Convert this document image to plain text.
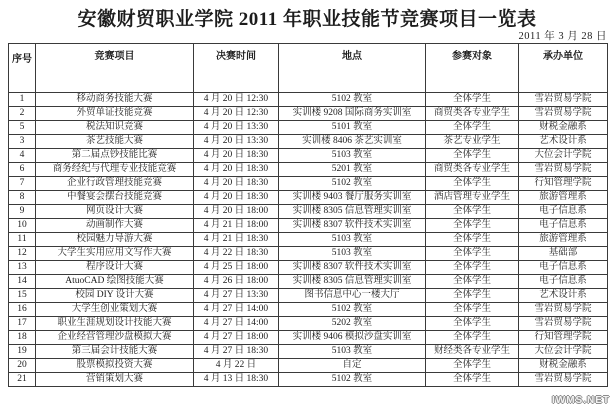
安徽财贸职业学院 2011 年职业技能节竞赛项目一览表
2011 年 3 月 28 日
序号	竞赛项目	决赛时间	地点	参赛对象	承办单位
1	移动商务技能大赛	4 月 20 日 12:30	5102 教室	全体学生	雪岩贸易学院
2	外贸单证技能竞赛	4 月 20 日 12:30	实训楼 9208 国际商务实训室	商贸类各专业学生	雪岩贸易学院
5	税法知识竞赛	4 月 20 日 13:30	5101 教室	全体学生	财税金融系
3	茶艺技能大赛	4 月 20 日 13:30	实训楼 8406 茶艺实训室	茶艺专业学生	艺术设计系
4	第二届点钞技能比赛	4 月 20 日 18:30	5103 教室	全体学生	大位会计学院
6	商务经纪与代理专业技能竞赛	4 月 20 日 18:30	5201 教室	商贸类各专业学生	雪岩贸易学院
7	企业行政管理技能竞赛	4 月 20 日 18:30	5102 教室	全体学生	行知管理学院
8	中餐宴会摆台技能竞赛	4 月 20 日 18:30	实训楼 9403 餐厅服务实训室	酒店管理专业学生	旅游管理系
9	网页设计大赛	4 月 20 日 18:00	实训楼 8305 信息管理实训室	全体学生	电子信息系
10	动画制作大赛	4 月 21 日 18:00	实训楼 8307 软件技术实训室	全体学生	电子信息系
11	校园魅力导游大赛	4 月 21 日 18:30	5103 教室	全体学生	旅游管理系
12	大学生实用应用文写作大赛	4 月 22 日 18:30	5103 教室	全体学生	基础部
13	程序设计大赛	4 月 25 日 18:00	实训楼 8307 软件技术实训室	全体学生	电子信息系
14	AtuoCAD 绘图技能大赛	4 月 26 日 18:00	实训楼 8305 信息管理实训室	全体学生	电子信息系
15	校园 DIY 设计大赛	4 月 27 日 13:30	图书信息中心一楼大厅	全体学生	艺术设计系
16	大学生创业策划大赛	4 月 27 日 14:00	5102 教室	全体学生	雪岩贸易学院
17	职业生涯规划设计技能大赛	4 月 27 日 14:00	5202 教室	全体学生	雪岩贸易学院
18	企业经营管理沙盘模拟大赛	4 月 27 日 18:00	实训楼 9406 模拟沙盘实训室	全体学生	行知管理学院
19	第三届会计技能大赛	4 月 27 日 18:30	5103 教室	财经类各专业学生	大位会计学院
20	股票模拟投资大赛	4 月 22 日	自定	全体学生	财税金融系
21	营销策划大赛	4 月 13 日 18:30	5102 教室	全体学生	雪岩贸易学院
IWMS.NET
